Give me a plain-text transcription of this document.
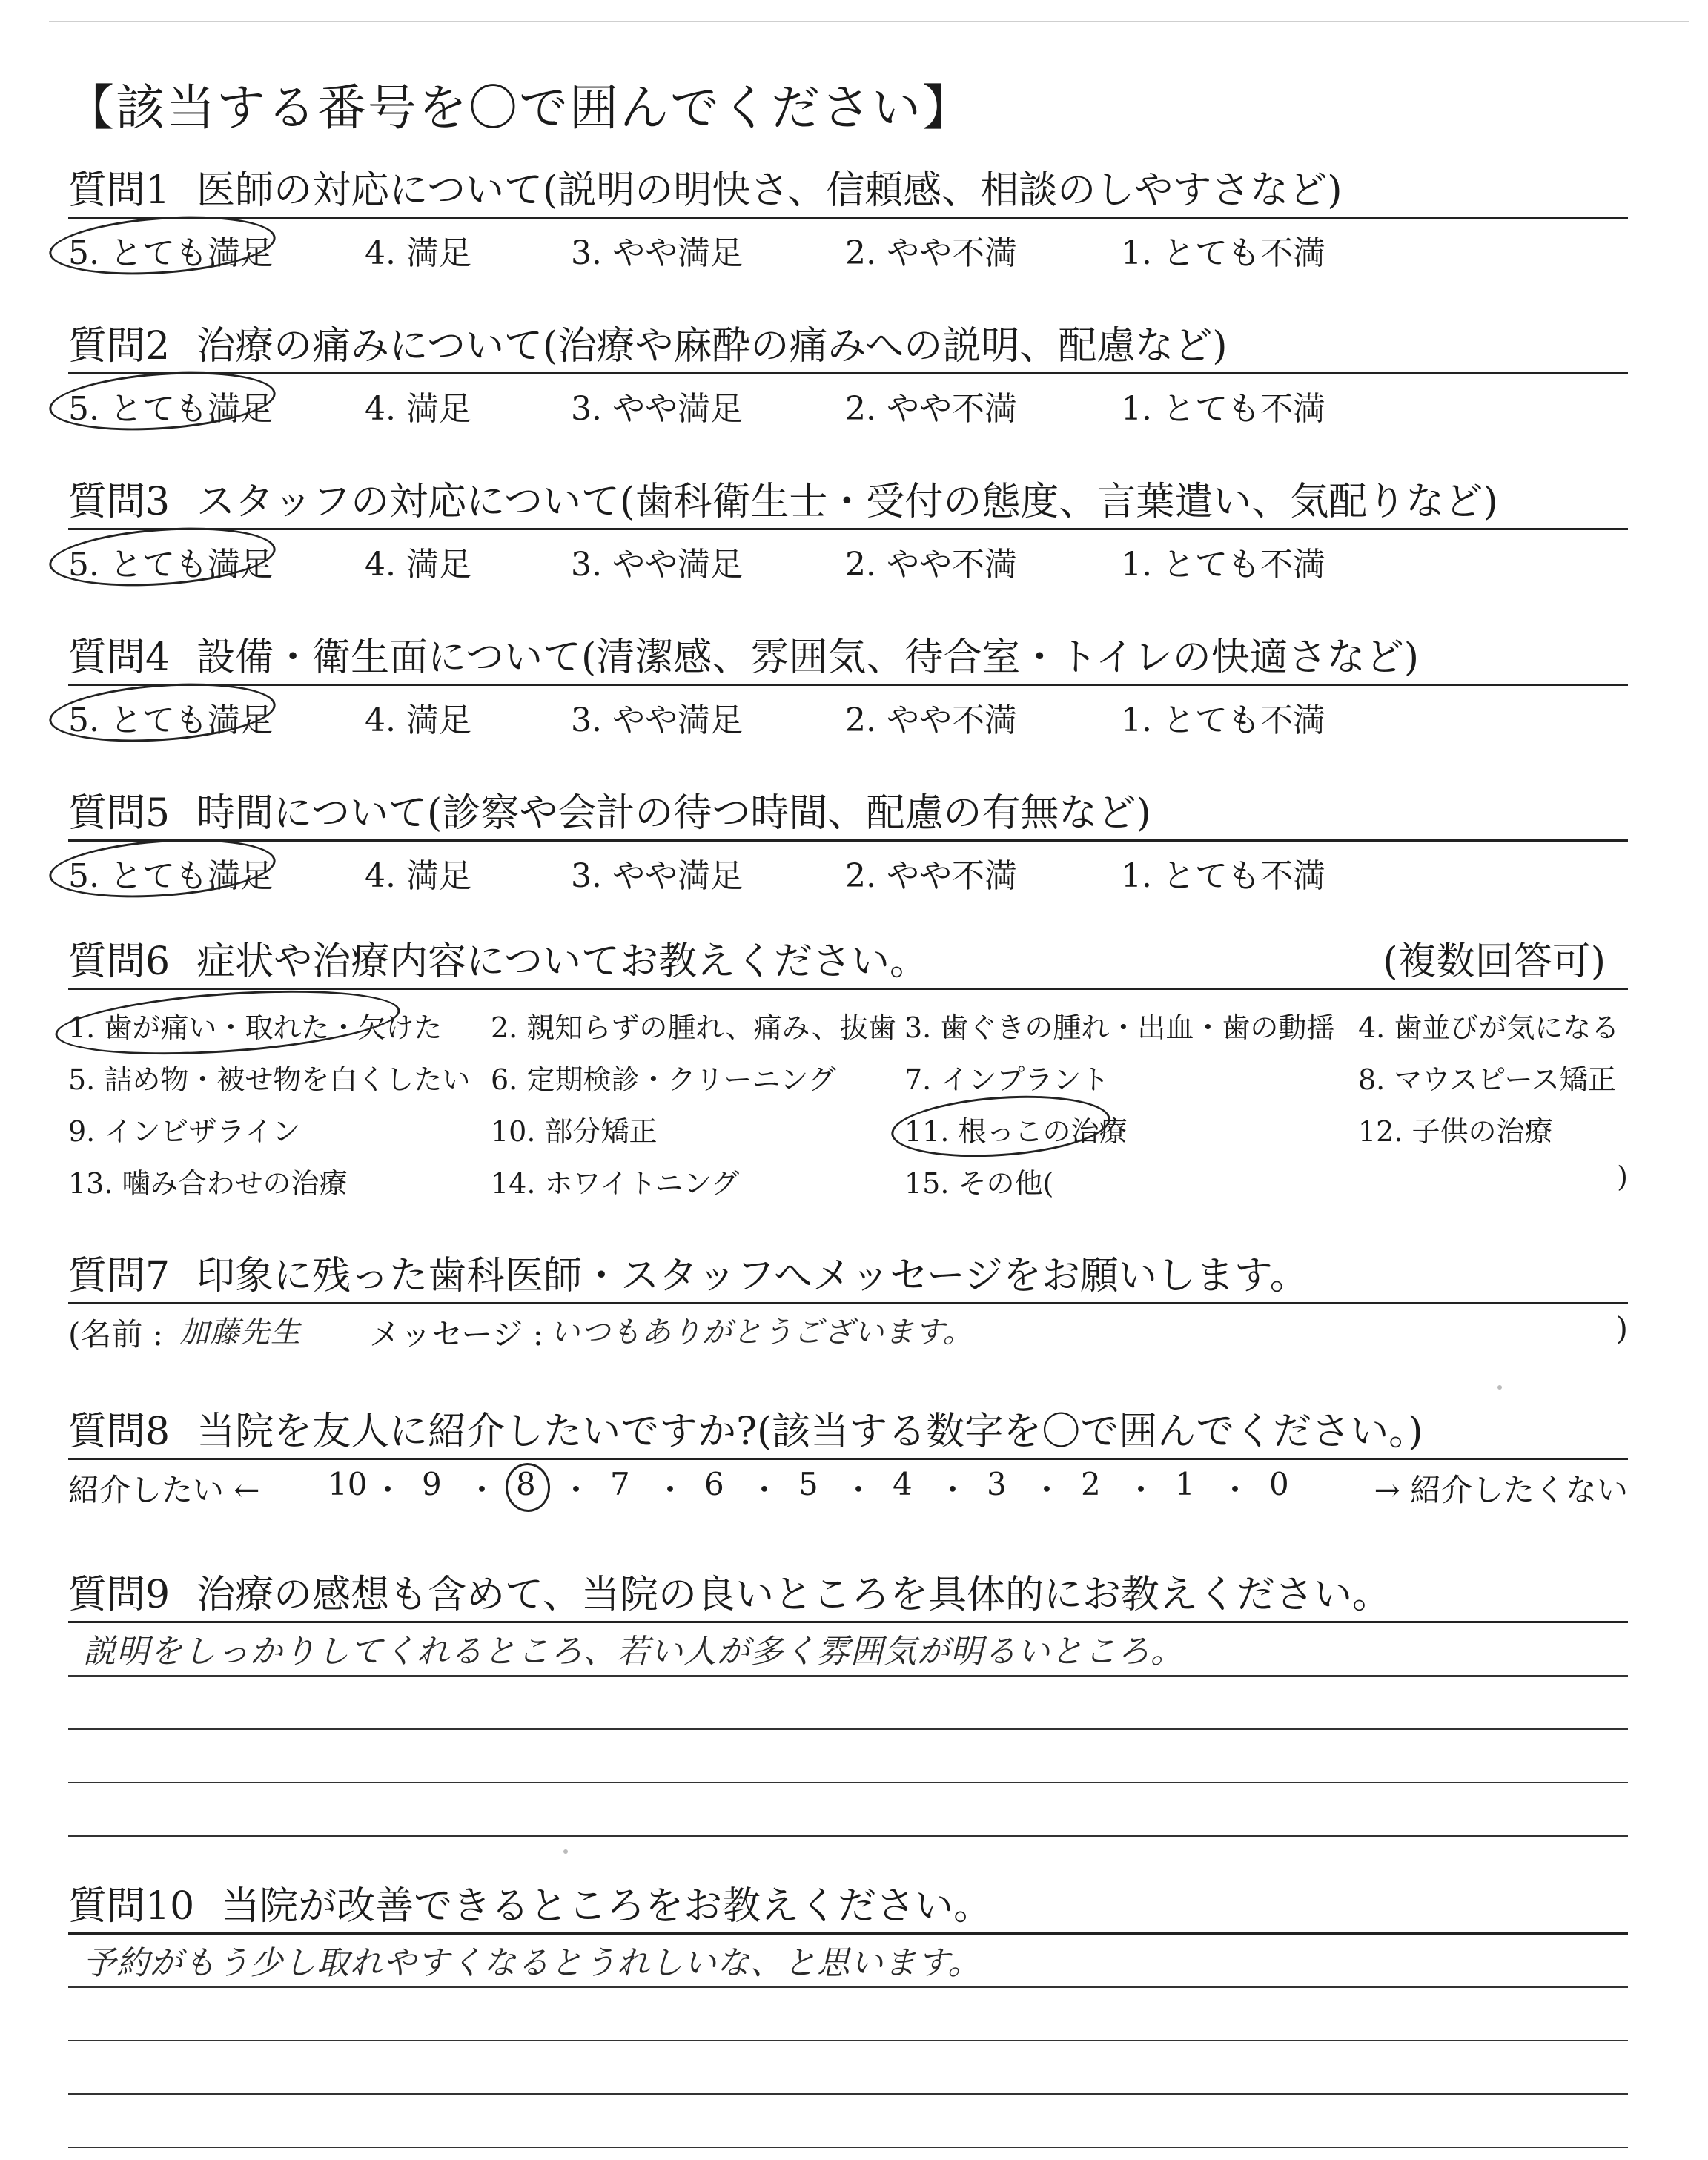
【該当する番号を〇で囲んでください】
質問1 医師の対応について(説明の明快さ、信頼感、相談のしやすさなど)
5. とても満足	4. 満足	3. やや満足	2. やや不満	1. とても不満
質問2 治療の痛みについて(治療や麻酔の痛みへの説明、配慮など)
5. とても満足	4. 満足	3. やや満足	2. やや不満	1. とても不満
質問3 スタッフの対応について(歯科衛生士・受付の態度、言葉遣い、気配りなど)
5. とても満足	4. 満足	3. やや満足	2. やや不満	1. とても不満
質問4 設備・衛生面について(清潔感、雰囲気、待合室・トイレの快適さなど)
5. とても満足	4. 満足	3. やや満足	2. やや不満	1. とても不満
質問5 時間について(診察や会計の待つ時間、配慮の有無など)
5. とても満足	4. 満足	3. やや満足	2. やや不満	1. とても不満
質問6 症状や治療内容についてお教えください。	(複数回答可)
1. 歯が痛い・取れた・欠けた 2. 親知らずの腫れ、痛み、抜歯 3. 歯ぐきの腫れ・出血・歯の動揺 4. 歯並びが気になる
5. 詰め物・被せ物を白くしたい 6. 定期検診・クリーニング 7. インプラント	8. マウスピース矯正
9. インビザライン	10. 部分矯正	11. 根っこの治療	12. 子供の治療
13. 噛み合わせの治療	14. ホワイトニング	15. その他(	)
質問7 印象に残った歯科医師・スタッフへメッセージをお願いします。
(名前 : 加藤先生 メッセージ : いつもありがとうございます。	)
質問8 当院を友人に紹介したいですか?(該当する数字を〇で囲んでください。)
紹介したい ←	→ 紹介したくない
10 ・ 9 ・ 8 ・ 7 ・ 6 ・ 5 ・ 4 ・ 3 ・ 2 ・ 1 ・ 0
質問9 治療の感想も含めて、当院の良いところを具体的にお教えください。
説明をしっかりしてくれるところ、若い人が多く雰囲気が明るいところ。
質問10 当院が改善できるところをお教えください。
予約がもう少し取れやすくなるとうれしいな、と思います。
